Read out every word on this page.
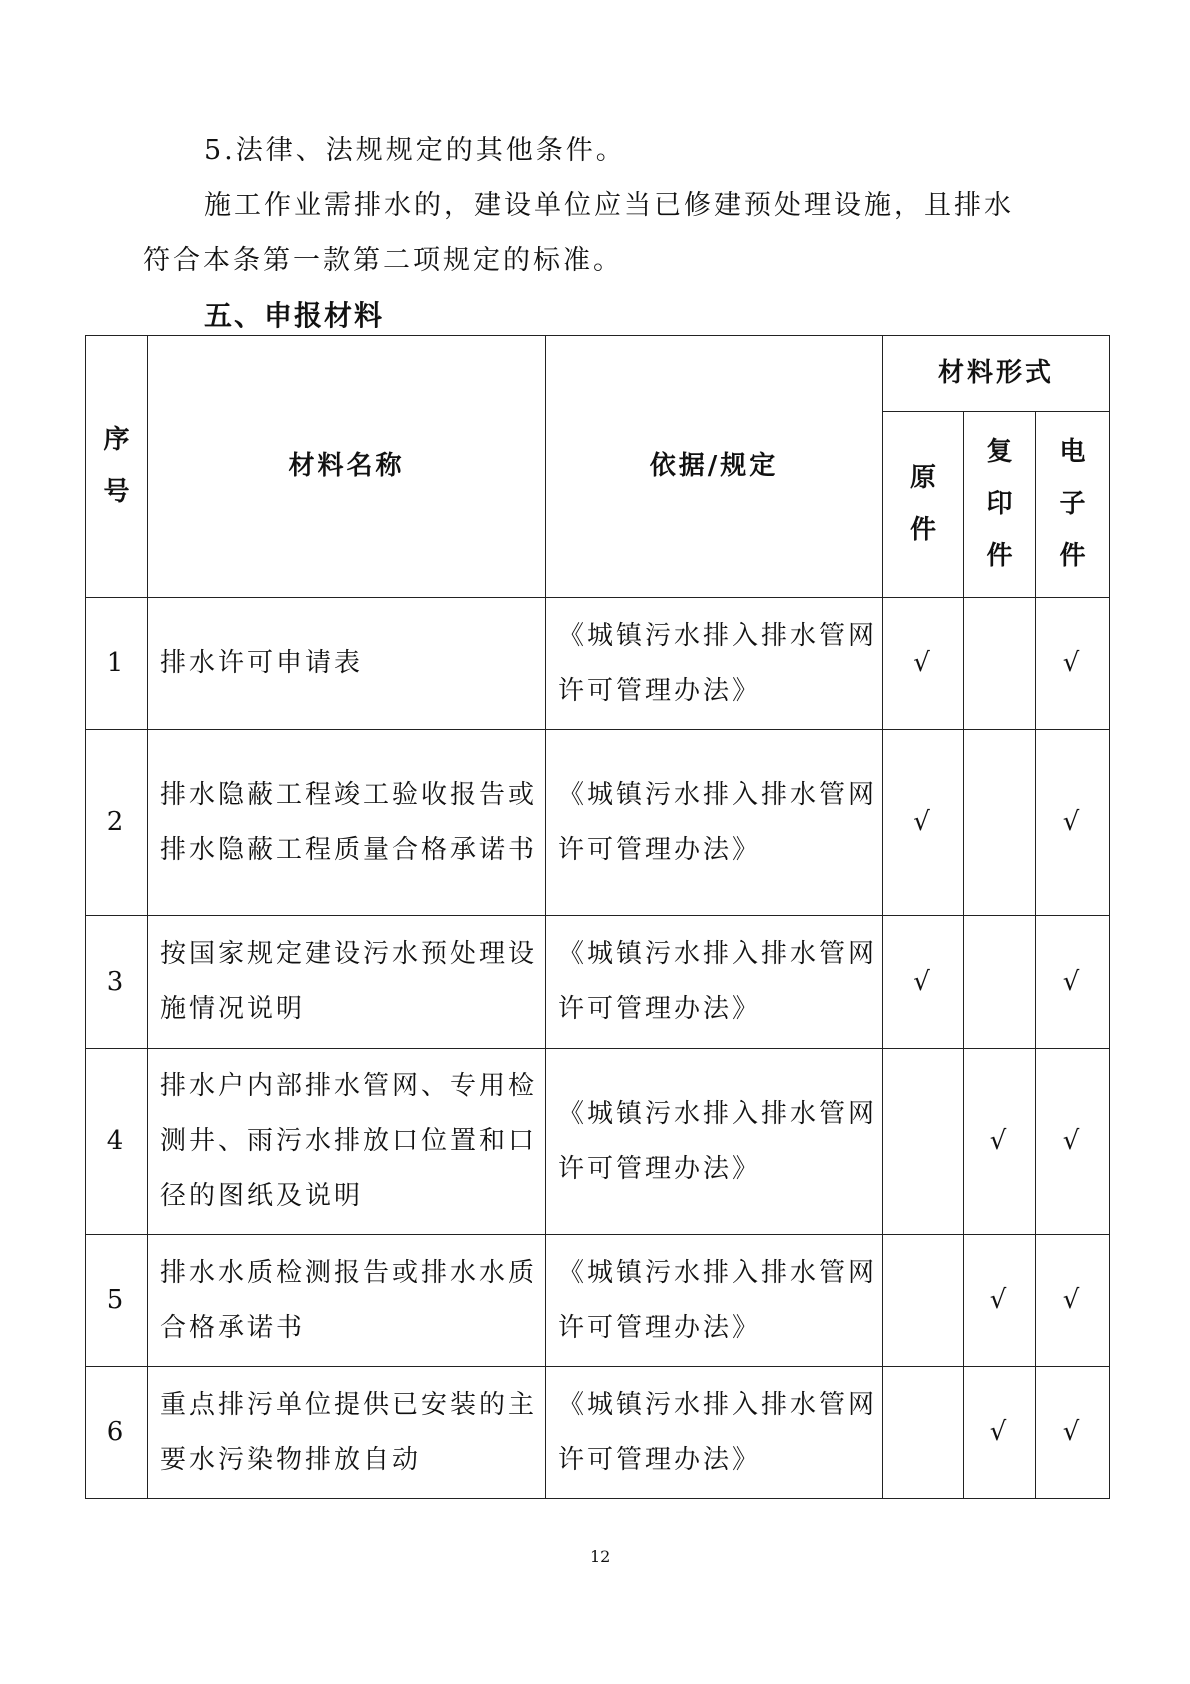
5.法律、法规规定的其他条件。
施工作业需排水的，建设单位应当已修建预处理设施，且排水
符合本条第一款第二项规定的标准。
五、申报材料
序号	材料名称	依据/规定	材料形式		
			原件	复印件	电子件
1	排水许可申请表	《城镇污水排入排水管网许可管理办法》	√		√
2	排水隐蔽工程竣工验收报告或排水隐蔽工程质量合格承诺书	《城镇污水排入排水管网许可管理办法》	√		√
3	按国家规定建设污水预处理设施情况说明	《城镇污水排入排水管网许可管理办法》	√		√
4	排水户内部排水管网、专用检测井、雨污水排放口位置和口径的图纸及说明	《城镇污水排入排水管网许可管理办法》		√	√
5	排水水质检测报告或排水水质合格承诺书	《城镇污水排入排水管网许可管理办法》		√	√
6	重点排污单位提供已安装的主要水污染物排放自动	《城镇污水排入排水管网许可管理办法》		√	√
12
